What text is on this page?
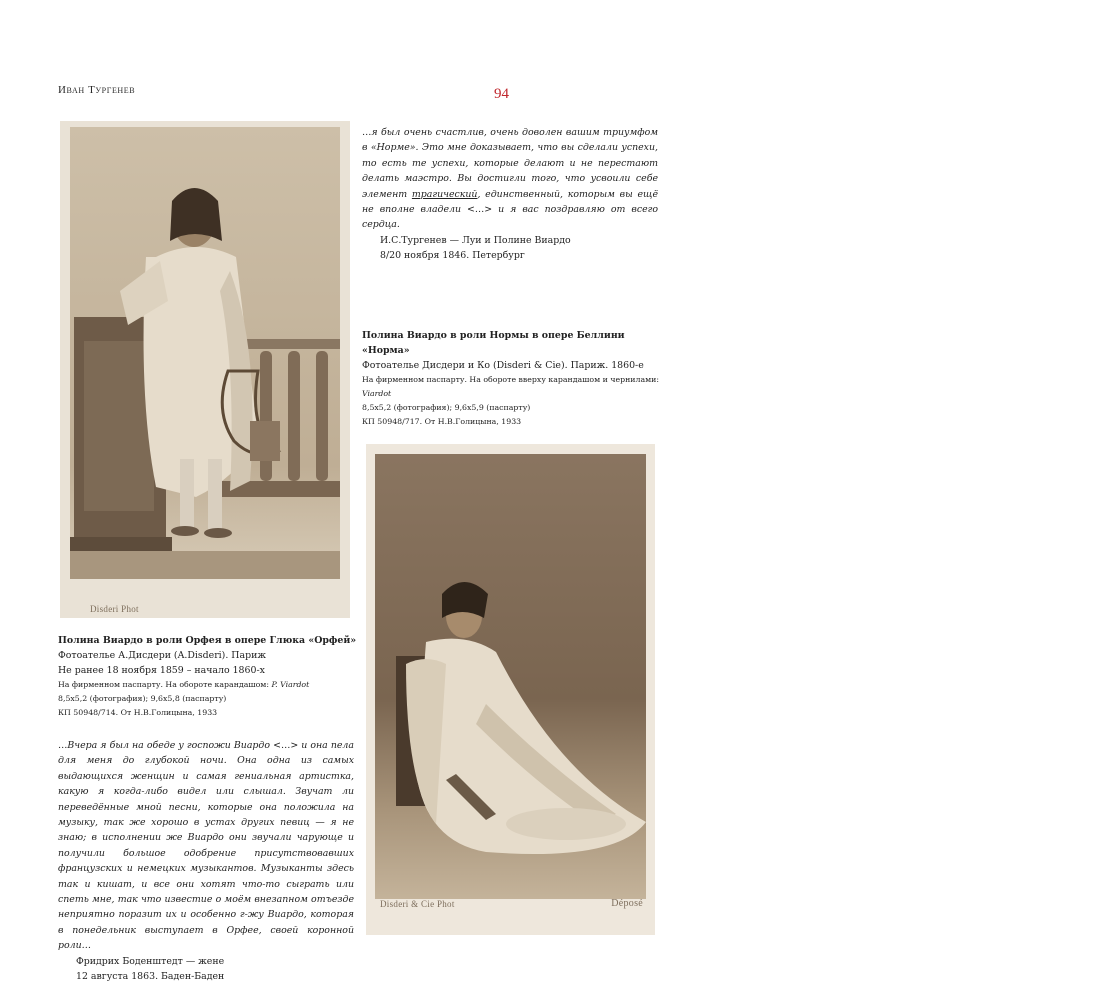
Иван Тургенев	94
Disderi Phot
Disderi & Cie Phot	Déposé

…я был очень счастлив, очень доволен вашим триумфом в «Норме». Это мне доказывает, что вы сделали успехи, то есть те успехи, которые делают и не перестают делать маэстро. Вы достигли того, что усвоили себе элемент трагический, единственный, которым вы ещё не вполне владели <…> и я вас поздравляю от всего сердца.

И.С.Тургенев — Луи и Полине Виардо
8/20 ноября 1846. Петербург
Полина Виардо в роли Нормы в опере Беллини «Норма»
Фотоателье Дисдери и Ко (Disderi & Cie). Париж. 1860-е
На фирменном паспарту. На обороте вверху карандашом и чернилами: Viardot
8,5х5,2 (фотография); 9,6х5,9 (паспарту)
КП 50948/717. От Н.В.Голицына, 1933
Полина Виардо в роли Орфея в опере Глюка «Орфей»
Фотоателье А.Дисдери (A.Disderi). Париж
Не ранее 18 ноября 1859 – начало 1860-х
На фирменном паспарту. На обороте карандашом: P. Viardot
8,5х5,2 (фотография); 9,6х5,8 (паспарту)
КП 50948/714. От Н.В.Голицына, 1933

…Вчера я был на обеде у госпожи Виардо <…> и она пела для меня до глубокой ночи. Она одна из самых выдающихся женщин и самая гениальная артистка, какую я когда-либо видел или слышал. Звучат ли переведённые мной песни, которые она положила на музыку, так же хорошо в устах других певиц — я не знаю; в исполнении же Виардо они звучали чарующе и получили большое одобрение присутствовавших французских и немецких музыкантов. Музыканты здесь так и кишат, и все они хотят что-то сыграть или спеть мне, так что известие о моём внезапном отъезде неприятно поразит их и особенно г-жу Виардо, которая в понедельник выступает в Орфее, своей коронной роли…

Фридрих Боденштедт — жене
12 августа 1863. Баден-Баден
